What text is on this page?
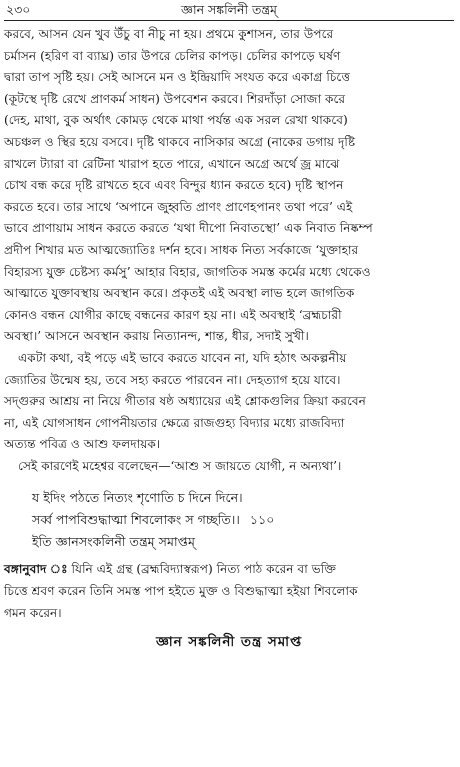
২৩০	জ্ঞান সঙ্কলিনী তন্ত্রম্

করবে, আসন যেন খুব উঁচু বা নীচু না হয়। প্রথমে কুশাসন, তার উপরে
চর্মাসন (হরিণ বা ব্যাঘ্র) তার উপরে চেলির কাপড়। চেলির কাপড়ে ঘর্ষণ
দ্বারা তাপ সৃষ্টি হয়। সেই আসনে মন ও ইন্দ্রিয়াদি সংযত করে একাগ্র চিত্তে
(কূটস্থে দৃষ্টি রেখে প্রাণকর্ম সাধন) উপবেশন করবে। শিরদাঁড়া সোজা করে
(দেহ, মাথা, বুক অর্থাৎ কোমড় থেকে মাথা পর্যন্ত এক সরল রেখা থাকবে)
অচঞ্চল ও স্থির হয়ে বসবে। দৃষ্টি থাকবে নাসিকার অগ্রে (নাকের ডগায় দৃষ্টি
রাখলে ট্যারা বা রেটিনা খারাপ হতে পারে, এখানে অগ্রে অর্থে জ্র মাঝে
চোখ বন্ধ করে দৃষ্টি রাখতে হবে এবং বিন্দুর ধ্যান করতে হবে) দৃষ্টি স্থাপন
করতে হবে। তার সাথে ‘অপানে জুহ্বতি প্রাণং প্রাণেহপানং তথা পরে’ এই
ভাবে প্রাণায়াম সাধন করতে করতে ‘যথা দীপো নিবাতস্থো’ এক নিবাত নিষ্কম্প
প্রদীপ শিখার মত আত্মজ্যোতিঃ দর্শন হবে। সাধক নিত্য সর্বকাজে ‘যুক্তাহার
বিহারস্য যুক্ত চেষ্টস্য কর্মসু’ আহার বিহার, জাগতিক সমস্ত কর্মের মধ্যে থেকেও
আত্মাতে যুক্তাবস্থায় অবস্থান করে। প্রকৃতই এই অবস্থা লাভ হলে জাগতিক
কোনও বন্ধন যোগীর কাছে বন্ধনের কারণ হয় না। এই অবস্থাই ‘ব্রহ্মচারী
অবস্থা।’ আসনে অবস্থান করায় নিত্যানন্দ, শান্ত, ধীর, সদাই সুখী।

একটা কথা, বই পড়ে এই ভাবে করতে যাবেন না, যদি হঠাৎ অকল্পনীয়
জ্যোতির উন্মেষ হয়, তবে সহ্য করতে পারবেন না। দেহত্যাগ হয়ে যাবে।
সদ্গুরুর আশ্রয় না নিয়ে গীতার ষষ্ঠ অধ্যায়ের এই শ্লোকগুলির ক্রিয়া করবেন
না, এই যোগসাধন গোপনীয়তার ক্ষেত্রে রাজগুহ্য বিদ্যার মধ্যে রাজবিদ্যা
অত্যন্ত পবিত্র ও আশু ফলদায়ক।

সেই কারণেই মহেশ্বর বলেছেন—‘আশু স জায়তে যোগী, ন অন্যথা’।

য ইদিং পঠতে নিত্যং শৃণোতি চ দিনে দিনে।

সর্ব্ব পাপবিশুদ্ধাত্মা শিবলোকং স গচ্ছতি।। ১১০

ইতি জ্ঞানসংকলিনী তন্ত্রম্ সমাপ্তম্

বঙ্গানুবাদ ঃ যিনি এই গ্রন্থ (ব্রহ্মবিদ্যাস্বরূপ) নিত্য পাঠ করেন বা ভক্তি
চিত্তে শ্রবণ করেন তিনি সমস্ত পাপ হইতে মুক্ত ও বিশুদ্ধাত্মা হইয়া শিবলোক
গমন করেন।

জ্ঞান সঙ্কলিনী তন্ত্র সমাপ্ত
